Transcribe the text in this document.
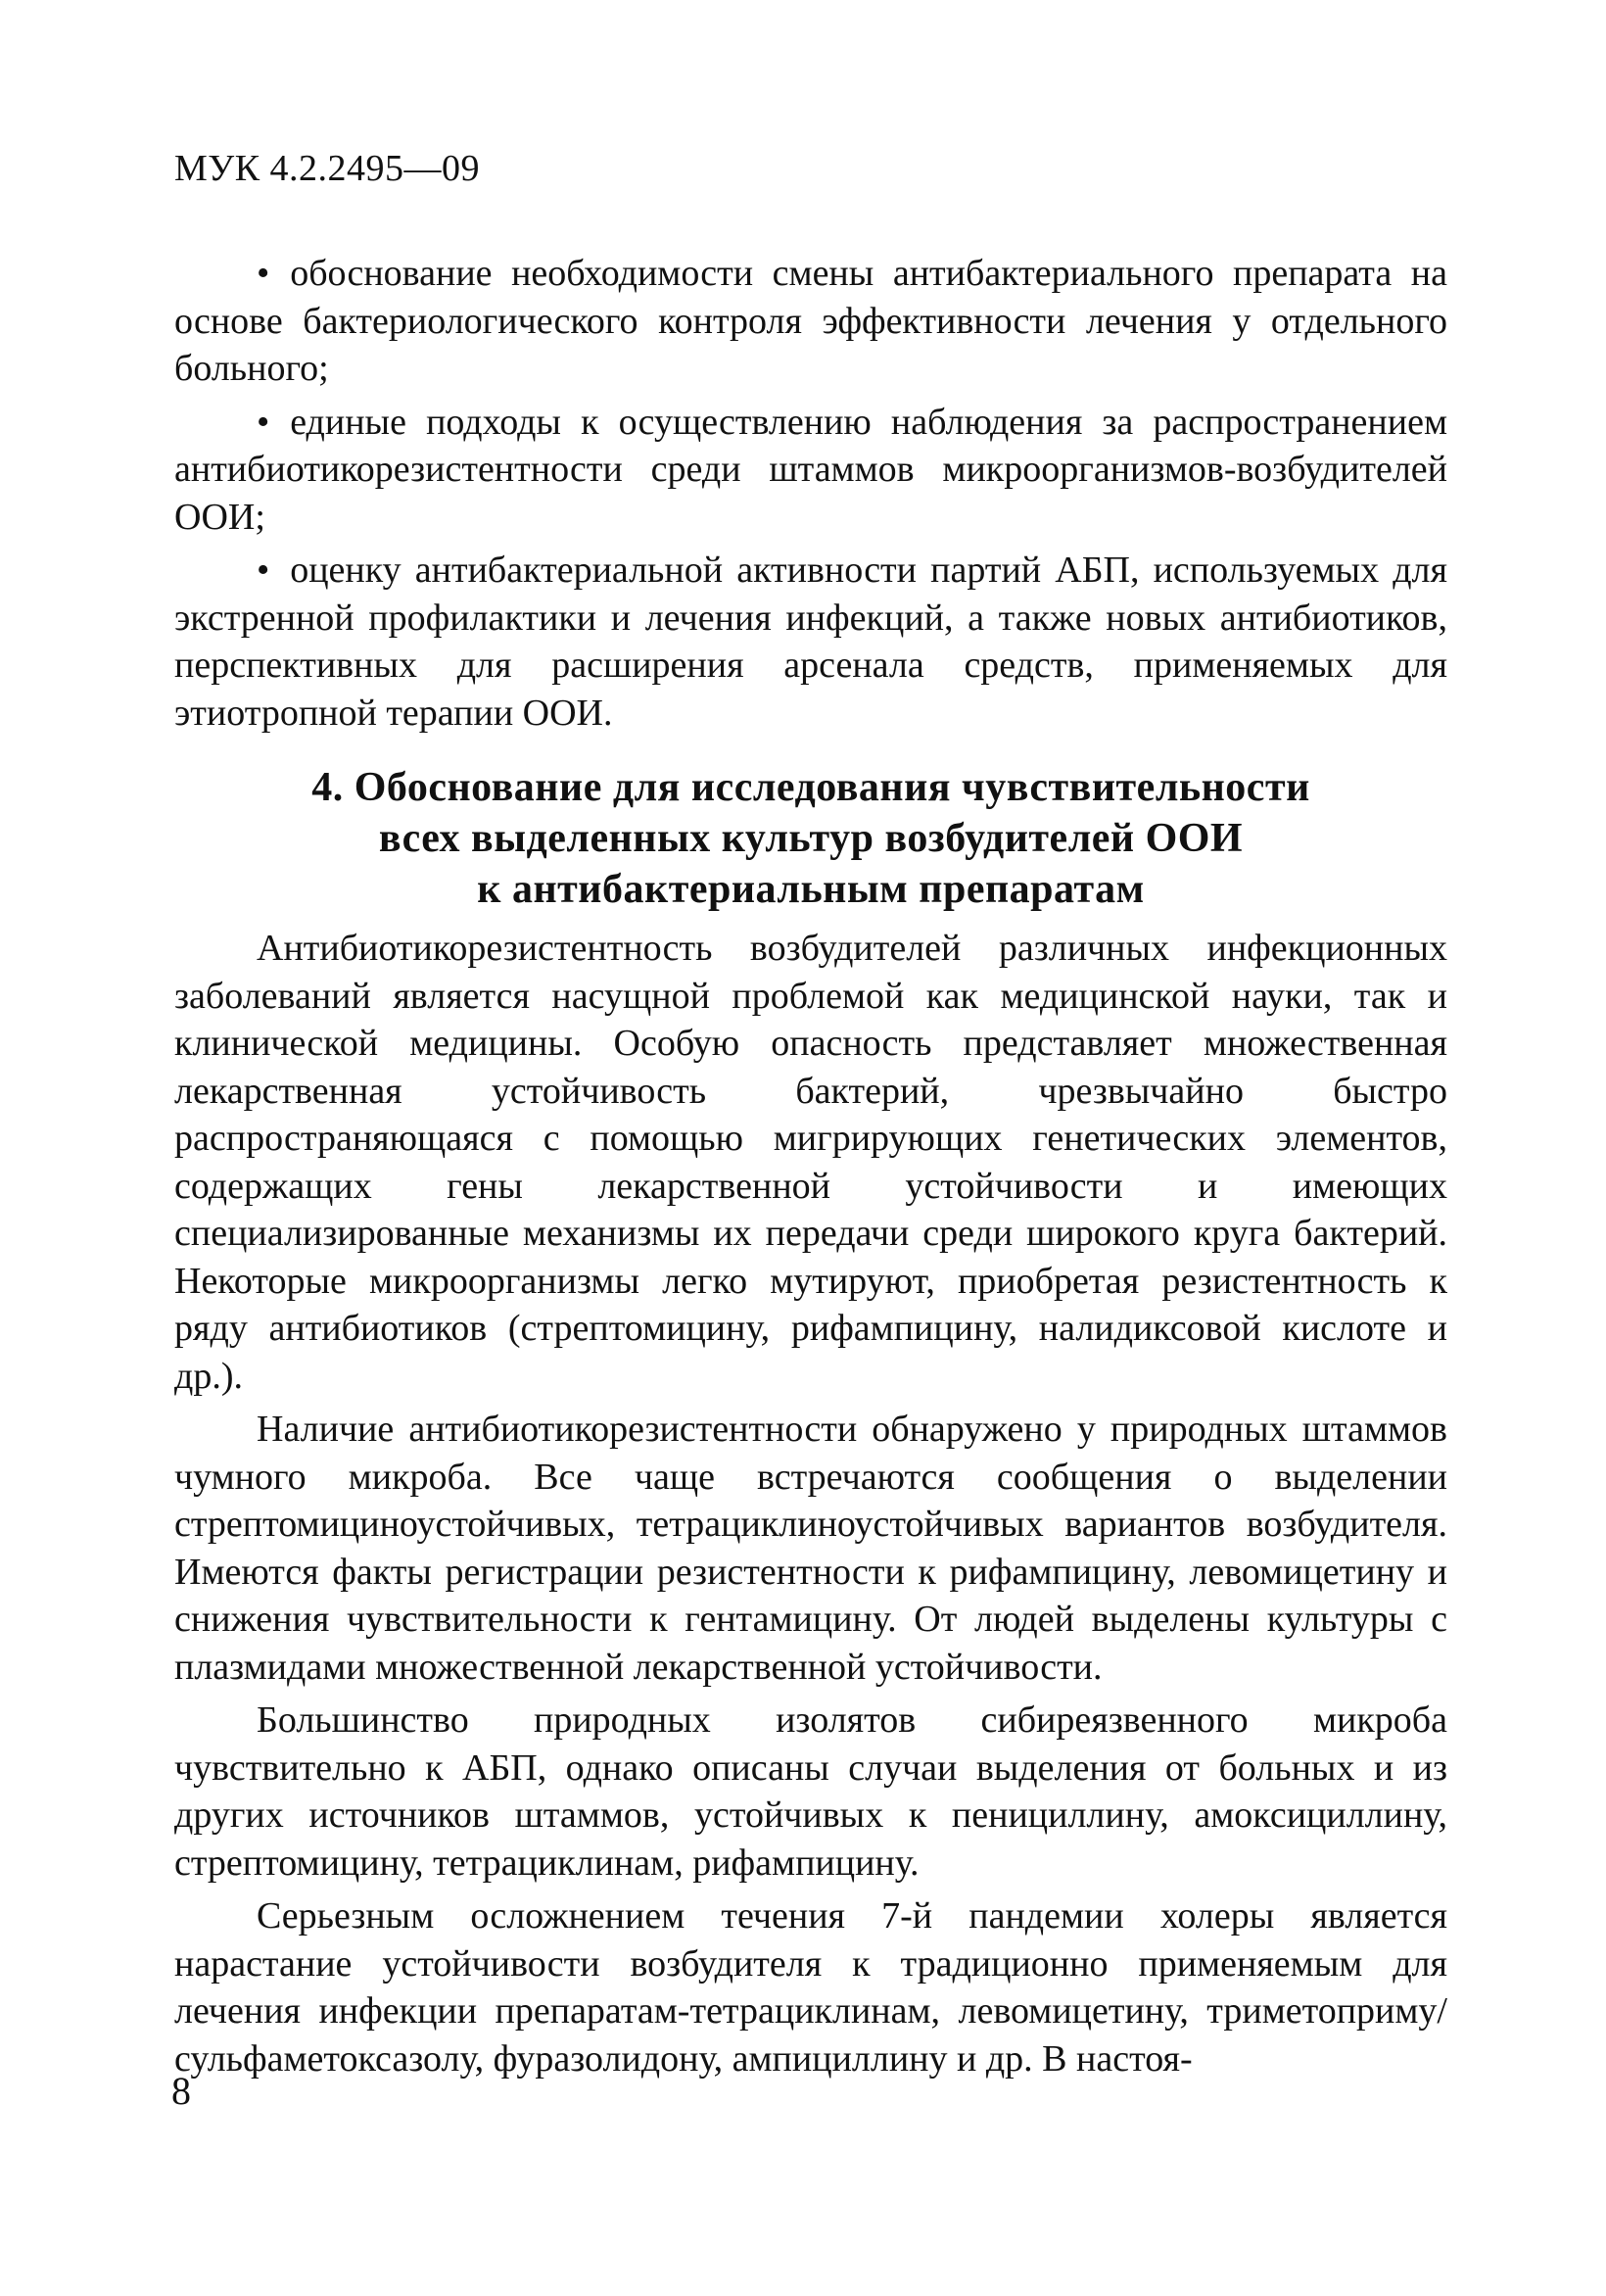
МУК 4.2.2495—09

• обоснование необходимости смены антибактериального препарата на основе бактериологического контроля эффективности лечения у отдельного больного;

• единые подходы к осуществлению наблюдения за распространением антибиотикорезистентности среди штаммов микроорганизмов-возбудителей ООИ;

• оценку антибактериальной активности партий АБП, используемых для экстренной профилактики и лечения инфекций, а также новых антибиотиков, перспективных для расширения арсенала средств, применяемых для этиотропной терапии ООИ.

4. Обоснование для исследования чувствительности
всех выделенных культур возбудителей ООИ
к антибактериальным препаратам

Антибиотикорезистентность возбудителей различных инфекционных заболеваний является насущной проблемой как медицинской науки, так и клинической медицины. Особую опасность представляет множественная лекарственная устойчивость бактерий, чрезвычайно быстро распространяющаяся с помощью мигрирующих генетических элементов, содержащих гены лекарственной устойчивости и имеющих специализированные механизмы их передачи среди широкого круга бактерий. Некоторые микроорганизмы легко мутируют, приобретая резистентность к ряду антибиотиков (стрептомицину, рифампицину, налидиксовой кислоте и др.).

Наличие антибиотикорезистентности обнаружено у природных штаммов чумного микроба. Все чаще встречаются сообщения о выделении стрептомициноустойчивых, тетрациклиноустойчивых вариантов возбудителя. Имеются факты регистрации резистентности к рифампицину, левомицетину и снижения чувствительности к гентамицину. От людей выделены культуры с плазмидами множественной лекарственной устойчивости.

Большинство природных изолятов сибиреязвенного микроба чувствительно к АБП, однако описаны случаи выделения от больных и из других источников штаммов, устойчивых к пенициллину, амоксициллину, стрептомицину, тетрациклинам, рифампицину.

Серьезным осложнением течения 7-й пандемии холеры является нарастание устойчивости возбудителя к традиционно применяемым для лечения инфекции препаратам-тетрациклинам, левомицетину, триметоприму/сульфаметоксазолу, фуразолидону, ампициллину и др. В настоя-

8
